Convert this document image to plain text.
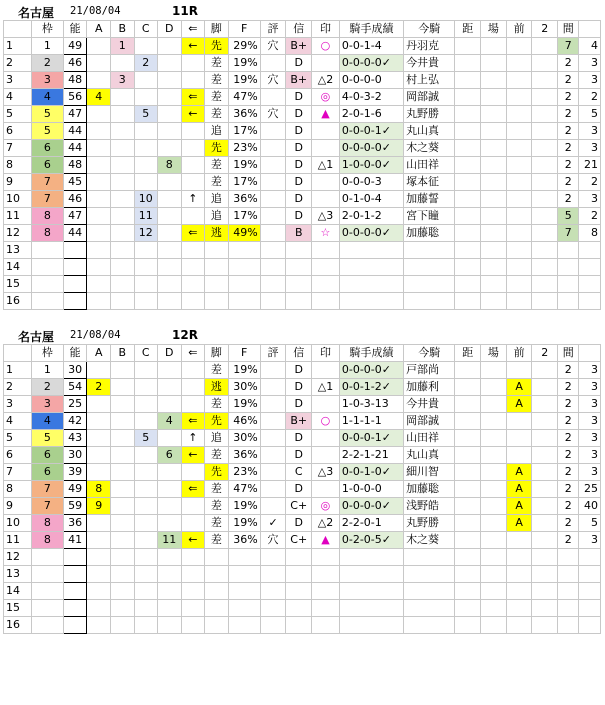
名古屋 21/08/04	11R
	枠	能	A	B	C	D	⇐	脚	F	評	信	印	騎手成績	今騎	距	場	前	2	間	
1	1	49		1			←	先	29%	穴	B+	○	0-0-1-4	丹羽克					7	4
2	2	46			2			差	19%		D		0-0-0-0✓	今井貴					2	3
3	3	48		3				差	19%	穴	B+	△2	0-0-0-0	村上弘					2	3
4	4	56	4				⇐	差	47%		D	◎	4-0-3-2	岡部誠					2	2
5	5	47			5		←	差	36%	穴	D	▲	2-0-1-6	丸野勝					2	5
6	5	44						追	17%		D		0-0-0-1✓	丸山真					2	3
7	6	44						先	23%		D		0-0-0-0✓	木之葵					2	3
8	6	48				8		差	19%		D	△1	1-0-0-0✓	山田祥					2	21
9	7	45						差	17%		D		0-0-0-3	塚本征					2	2
10	7	46			10		↑	追	36%		D		0-1-0-4	加藤誓					2	3
11	8	47			11			追	17%		D	△3	2-0-1-2	宮下瞳					5	2
12	8	44			12		⇐	逃	49%		B	☆	0-0-0-0✓	加藤聡					7	8
13																				
14																				
15																				
16																				
名古屋 21/08/04	12R
	枠	能	A	B	C	D	⇐	脚	F	評	信	印	騎手成績	今騎	距	場	前	2	間	
1	1	30						差	19%		D		0-0-0-0✓	戸部尚					2	3
2	2	54	2					逃	30%		D	△1	0-0-1-2✓	加藤利			A		2	3
3	3	25						差	19%		D		1-0-3-13	今井貴			A		2	3
4	4	42				4	⇐	先	46%		B+	○	1-1-1-1	岡部誠					2	3
5	5	43			5		↑	追	30%		D		0-0-0-1✓	山田祥					2	3
6	6	30				6	←	差	36%		D		2-2-1-21	丸山真					2	3
7	6	39						先	23%		C	△3	0-0-1-0✓	細川智			A		2	3
8	7	49	8				⇐	差	47%		D		1-0-0-0	加藤聡			A		2	25
9	7	59	9					差	19%		C+	◎	0-0-0-0✓	浅野皓			A		2	40
10	8	36						差	19%	✓	D	△2	2-2-0-1	丸野勝			A		2	5
11	8	41				11	←	差	36%	穴	C+	▲	0-2-0-5✓	木之葵					2	3
12																				
13																				
14																				
15																				
16																				
